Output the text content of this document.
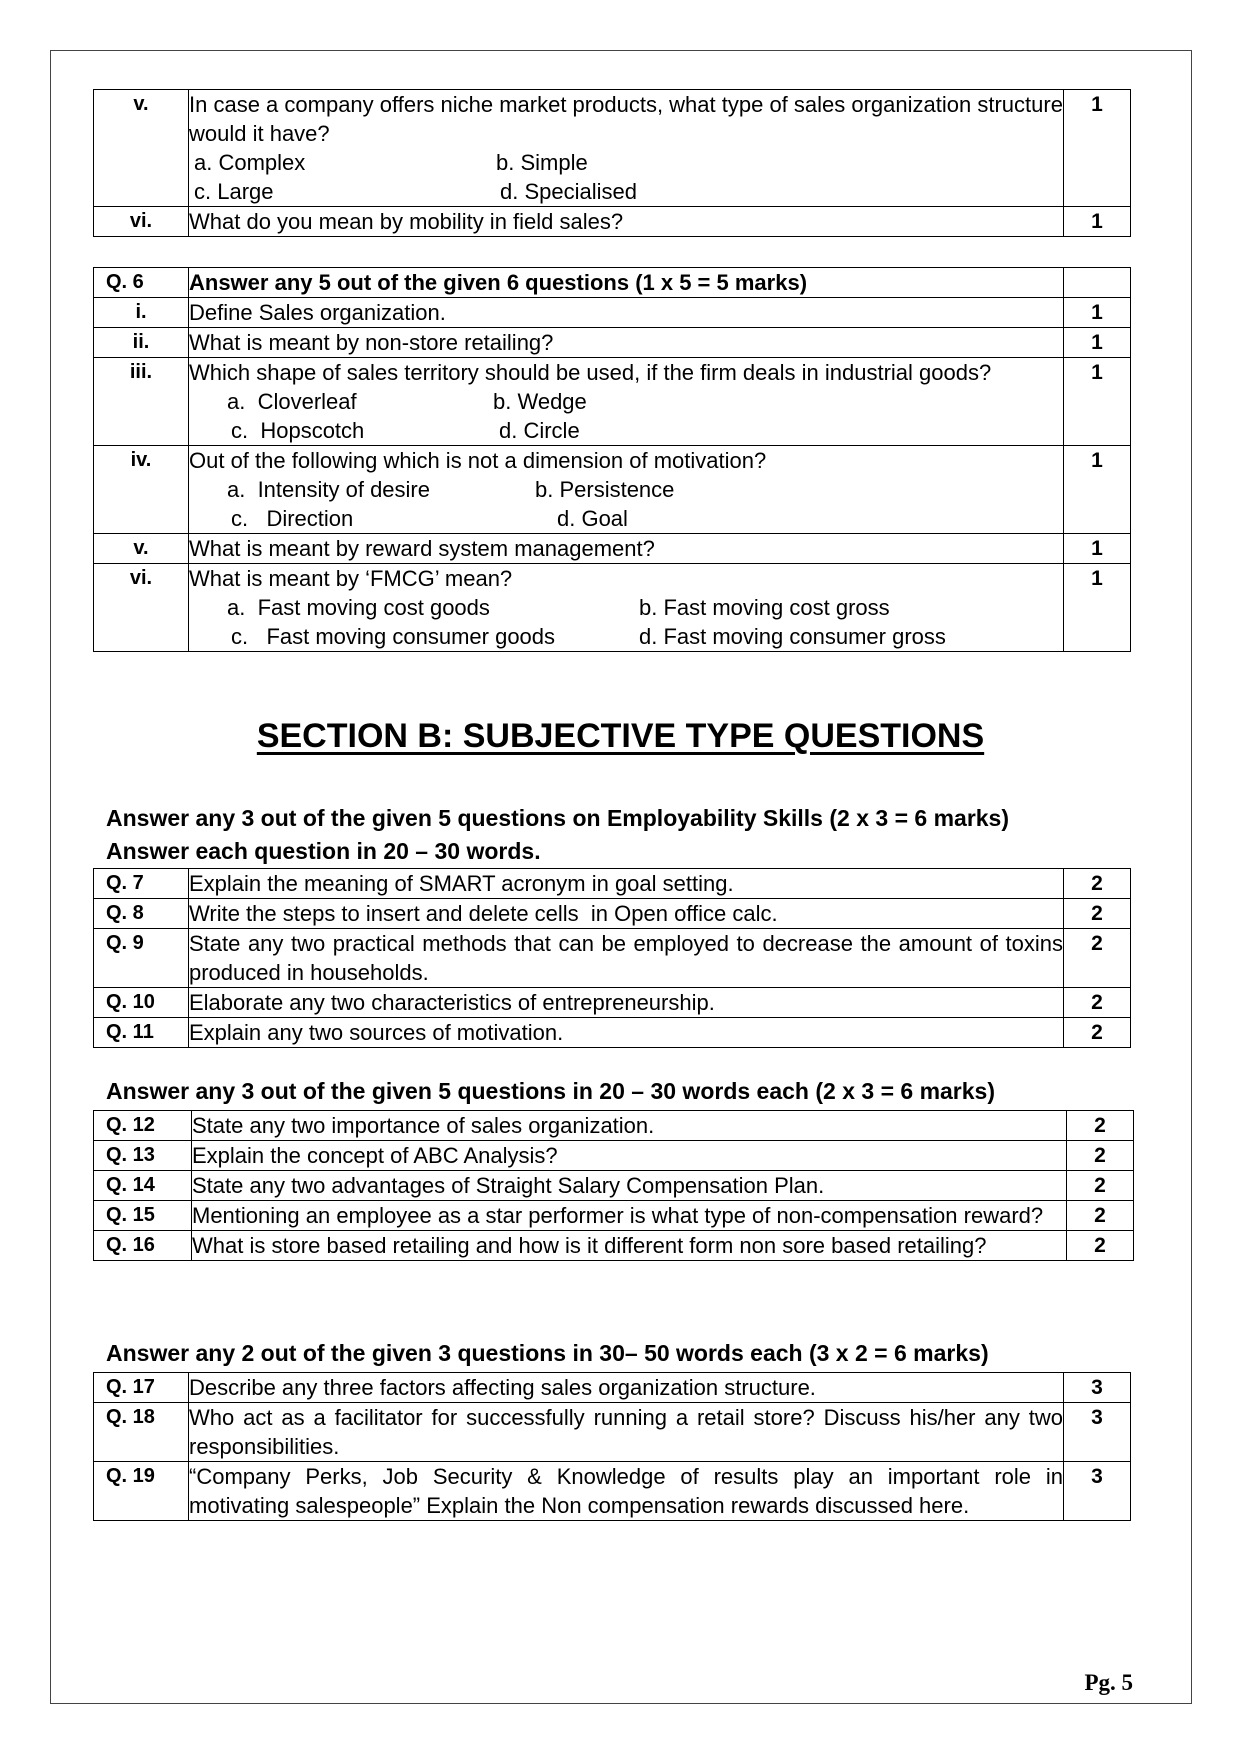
v.	In case a company offers niche market products, what type of sales organization structure would it have?
a. Complex b. Simple
c. Large d. Specialised	1
vi.	What do you mean by mobility in field sales?	1
Q. 6	Answer any 5 out of the given 6 questions (1 x 5 = 5 marks)	
i.	Define Sales organization.	1
ii.	What is meant by non-store retailing?	1
iii.	Which shape of sales territory should be used, if the firm deals in industrial goods?
a.  Cloverleaf b. Wedge
c.  Hopscotch d. Circle	1
iv.	Out of the following which is not a dimension of motivation?
a.  Intensity of desire b. Persistence
c.   Direction d. Goal	1
v.	What is meant by reward system management?	1
vi.	What is meant by ‘FMCG’ mean?
a.  Fast moving cost goods b. Fast moving cost gross
c.   Fast moving consumer goods d. Fast moving consumer gross	1
SECTION B: SUBJECTIVE TYPE QUESTIONS
Answer any 3 out of the given 5 questions on Employability Skills (2 x 3 = 6 marks)
Answer each question in 20 – 30 words.
Q. 7	Explain the meaning of SMART acronym in goal setting.	2
Q. 8	Write the steps to insert and delete cells  in Open office calc.	2
Q. 9	State any two practical methods that can be employed to decrease the amount of toxins produced in households.	2
Q. 10	Elaborate any two characteristics of entrepreneurship.	2
Q. 11	Explain any two sources of motivation.	2
Answer any 3 out of the given 5 questions in 20 – 30 words each (2 x 3 = 6 marks)
Q. 12	State any two importance of sales organization.	2
Q. 13	Explain the concept of ABC Analysis?	2
Q. 14	State any two advantages of Straight Salary Compensation Plan.	2
Q. 15	Mentioning an employee as a star performer is what type of non-compensation reward?	2
Q. 16	What is store based retailing and how is it different form non sore based retailing?	2
Answer any 2 out of the given 3 questions in 30– 50 words each (3 x 2 = 6 marks)
Q. 17	Describe any three factors affecting sales organization structure.	3
Q. 18	Who act as a facilitator for successfully running a retail store? Discuss his/her any two responsibilities.	3
Q. 19	“Company Perks, Job Security & Knowledge of results play an important role in motivating salespeople” Explain the Non compensation rewards discussed here.	3
Pg. 5
